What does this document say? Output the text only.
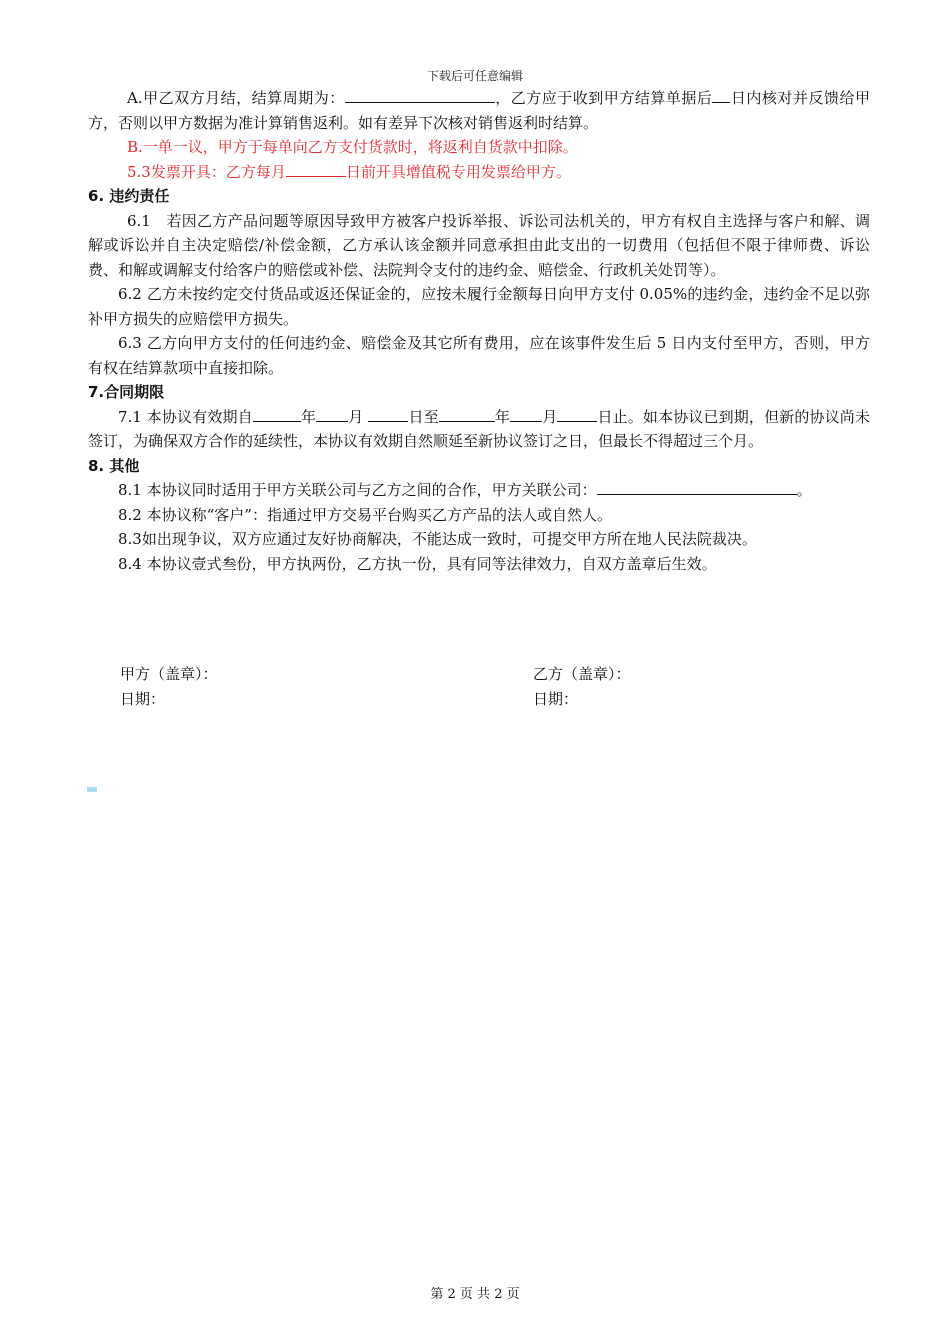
下载后可任意编辑

A.甲乙双方月结，结算周期为：	，乙方应于收到甲方结算单据后 日内核对并反馈给甲方，否则以甲方数据为准计算销售返利。如有差异下次核对销售返利时结算。

B.一单一议，甲方于每单向乙方支付货款时，将返利自货款中扣除。

5.3发票开具：乙方每月	日前开具增值税专用发票给甲方。

6. 违约责任

6.1　若因乙方产品问题等原因导致甲方被客户投诉举报、诉讼司法机关的，甲方有权自主选择与客户和解、调解或诉讼并自主决定赔偿/补偿金额，乙方承认该金额并同意承担由此支出的一切费用（包括但不限于律师费、诉讼费、和解或调解支付给客户的赔偿或补偿、法院判令支付的违约金、赔偿金、行政机关处罚等）。

6.2 乙方未按约定交付货品或返还保证金的，应按未履行金额每日向甲方支付 0.05%的违约金，违约金不足以弥补甲方损失的应赔偿甲方损失。

6.3 乙方向甲方支付的任何违约金、赔偿金及其它所有费用，应在该事件发生后 5 日内支付至甲方，否则，甲方有权在结算款项中直接扣除。

7.合同期限

7.1 本协议有效期自	年 月	日至	年 月	日止。如本协议已到期，但新的协议尚未签订，为确保双方合作的延续性，本协议有效期自然顺延至新协议签订之日，但最长不得超过三个月。

8. 其他

8.1 本协议同时适用于甲方关联公司与乙方之间的合作，甲方关联公司：	。

8.2 本协议称“客户”：指通过甲方交易平台购买乙方产品的法人或自然人。

8.3如出现争议，双方应通过友好协商解决，不能达成一致时，可提交甲方所在地人民法院裁决。

8.4 本协议壹式叁份，甲方执两份，乙方执一份，具有同等法律效力，自双方盖章后生效。

甲方（盖章）：
日期：
乙方（盖章）：
日期：
第 2 页 共 2 页
